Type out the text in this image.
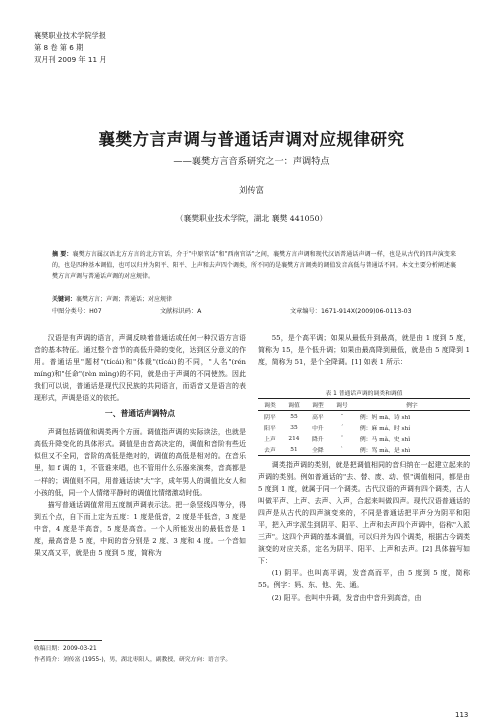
襄樊职业技术学院学报
第 8 卷 第 6 期
双月刊 2009 年 11 月
襄樊方言声调与普通话声调对应规律研究
——襄樊方言音系研究之一：声调特点
刘传富
（襄樊职业技术学院，湖北 襄樊 441050）
摘 要：襄樊方言属汉语北方方言的北方官话，介于"中原官话"和"西南官话"之间，襄樊方言声调和现代汉语普通话声调一样，也是从古代的四声演变来的，也是四种基本调值，也可以归并为阴平、阳平、上声和去声四个调类，所不同的是襄樊方言调类的调值发音高低与普通话不同。本文主要分析阐述襄樊方言声调与普通话声调的对应规律。
关键词：襄樊方言；声调；普通话；对应规律
中图分类号：H07	文献标识码：A	文章编号：1671-914X(2009)06-0113-03

汉语是有声调的语言，声调反映着普通话或任何一种汉语方言语音的基本特征。通过整个音节的高低升降的变化，达到区分意义的作用。普通话里"题材"(tícái)和"体裁"(tǐcái)的不同，"人名"(rén míng)和"任命"(rèn mìng)的不同，就是由于声调的不同使然。因此我们可以说，普通话是现代汉民族的共同语言，而语音又是语言的表现形式，声调是语义的依托。

一、普通话声调特点

声调包括调值和调类两个方面。调值指声调的实际读法，也就是高低升降变化的具体形式。调值是由音高决定的，调值和音阶有些近似但又不全同，音阶的高低是绝对的，调值的高低是相对的。在音乐里，如 f 调的 1，不管谁来唱，也不管用什么乐器来演奏，音高都是一样的；调值则不同，用普通话读"大"字，成年男人的调值比女人和小孩的低，同一个人情绪平静时的调值比情绪激动时低。

描写普通话调值常用五度制声调表示法。把一条竖线四等分，得到五个点，自下而上定为五度：1 度是低音，2 度是半低音，3 度是中音，4 度是半高音，5 度是高音。一个人所能发出的最低音是 1 度，最高音是 5 度，中间的音分别是 2 度、3 度和 4 度。一个音如果又高又平，就是由 5 度到 5 度，简称为

55，是个高平调；如果从最低升到最高，就是由 1 度到 5 度，简称为 15，是个低升调；如果由最高降到最低，就是由 5 度降到 1 度，简称为 51，是个全降调。[1] 如表 1 所示：

表 1 普通话声调的调类和调值
调类	调值	调型	调号	例字
阴平	55	高平	ˉ	例：妈 mā、诗 shī
阳平	35	中升	ˊ	例：麻 má、时 shí
上声	214	降升	ˇ	例：马 mǎ、史 shǐ
去声	51	全降	ˋ	例：骂 mà、是 shì

调类指声调的类别，就是把调值相同的音归纳在一起建立起来的声调的类别。例如普通话的"去、替、废、动、恨"调值相同，都是由 5 度到 1 度，就属于同一个调类。古代汉语的声调有四个调类，古人叫做平声、上声、去声、入声，合起来叫做四声。现代汉语普通话的四声是从古代的四声演变来的，不同是普通话把平声分为阴平和阳平，把入声字派生到阴平、阳平、上声和去声四个声调中，俗称"入派三声"。这四个声调的基本调值，可以归并为四个调类，根据古今调类演变的对应关系，定名为阴平、阳平、上声和去声。[2] 具体描写如下：

(1) 阴平。也叫高平调，发音高而平，由 5 度到 5 度，简称 55。例字：妈、东、他、先、通。

(2) 阳平。也叫中升调，发音由中音升到高音，由

收稿日期：2009-03-21
作者简介：刘传富 (1955-)，男，湖北枣阳人，副教授，研究方向：语言学。
113
